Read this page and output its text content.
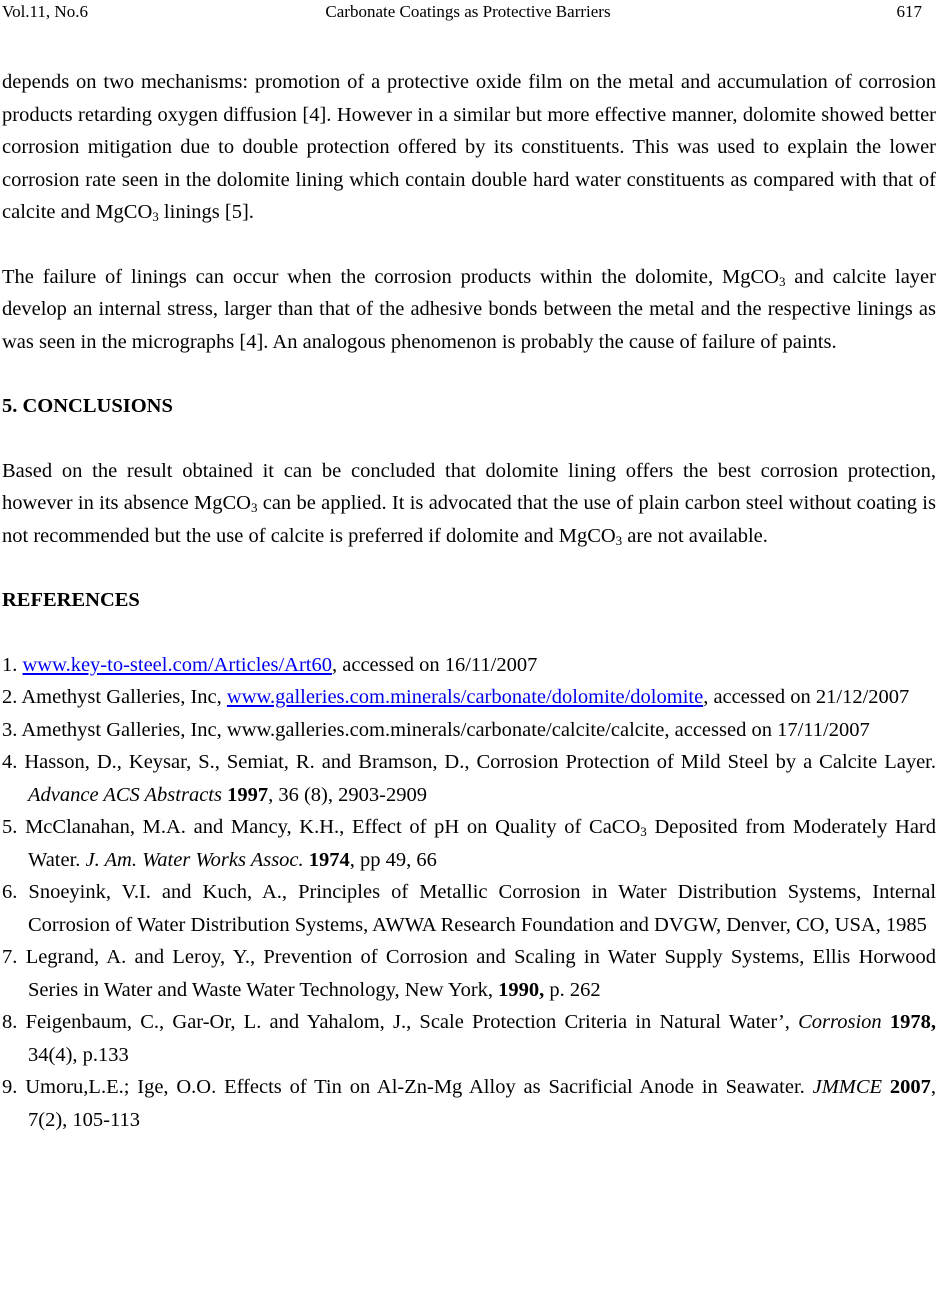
Vol.11, No.6	Carbonate Coatings as Protective Barriers	617

depends on two mechanisms: promotion of a protective oxide film on the metal and accumulation of corrosion products retarding oxygen diffusion [4]. However in a similar but more effective manner, dolomite showed better corrosion mitigation due to double protection offered by its constituents. This was used to explain the lower corrosion rate seen in the dolomite lining which contain double hard water constituents as compared with that of calcite and MgCO$_3$ linings [5].

The failure of linings can occur when the corrosion products within the dolomite, MgCO$_3$ and calcite layer develop an internal stress, larger than that of the adhesive bonds between the metal and the respective linings as was seen in the micrographs [4]. An analogous phenomenon is probably the cause of failure of paints.

5. CONCLUSIONS

Based on the result obtained it can be concluded that dolomite lining offers the best corrosion protection, however in its absence MgCO$_3$ can be applied. It is advocated that the use of plain carbon steel without coating is not recommended but the use of calcite is preferred if dolomite and MgCO$_3$ are not available.

REFERENCES
1. www.key-to-steel.com/Articles/Art60, accessed on 16/11/2007
2. Amethyst Galleries, Inc, www.galleries.com.minerals/carbonate/dolomite/dolomite, accessed on 21/12/2007
3. Amethyst Galleries, Inc, www.galleries.com.minerals/carbonate/calcite/calcite, accessed on 17/11/2007
4. Hasson, D., Keysar, S., Semiat, R. and Bramson, D., Corrosion Protection of Mild Steel by a Calcite Layer. Advance ACS Abstracts 1997, 36 (8), 2903-2909
5. McClanahan, M.A. and Mancy, K.H., Effect of pH on Quality of CaCO$_3$ Deposited from Moderately Hard Water. J. Am. Water Works Assoc. 1974, pp 49, 66
6. Snoeyink, V.I. and Kuch, A., Principles of Metallic Corrosion in Water Distribution Systems, Internal Corrosion of Water Distribution Systems, AWWA Research Foundation and DVGW, Denver, CO, USA, 1985
7. Legrand, A. and Leroy, Y., Prevention of Corrosion and Scaling in Water Supply Systems, Ellis Horwood Series in Water and Waste Water Technology, New York, 1990, p. 262
8. Feigenbaum, C., Gar-Or, L. and Yahalom, J., Scale Protection Criteria in Natural Water’, Corrosion 1978, 34(4), p.133
9. Umoru,L.E.; Ige, O.O. Effects of Tin on Al-Zn-Mg Alloy as Sacrificial Anode in Seawater. JMMCE 2007, 7(2), 105-113
